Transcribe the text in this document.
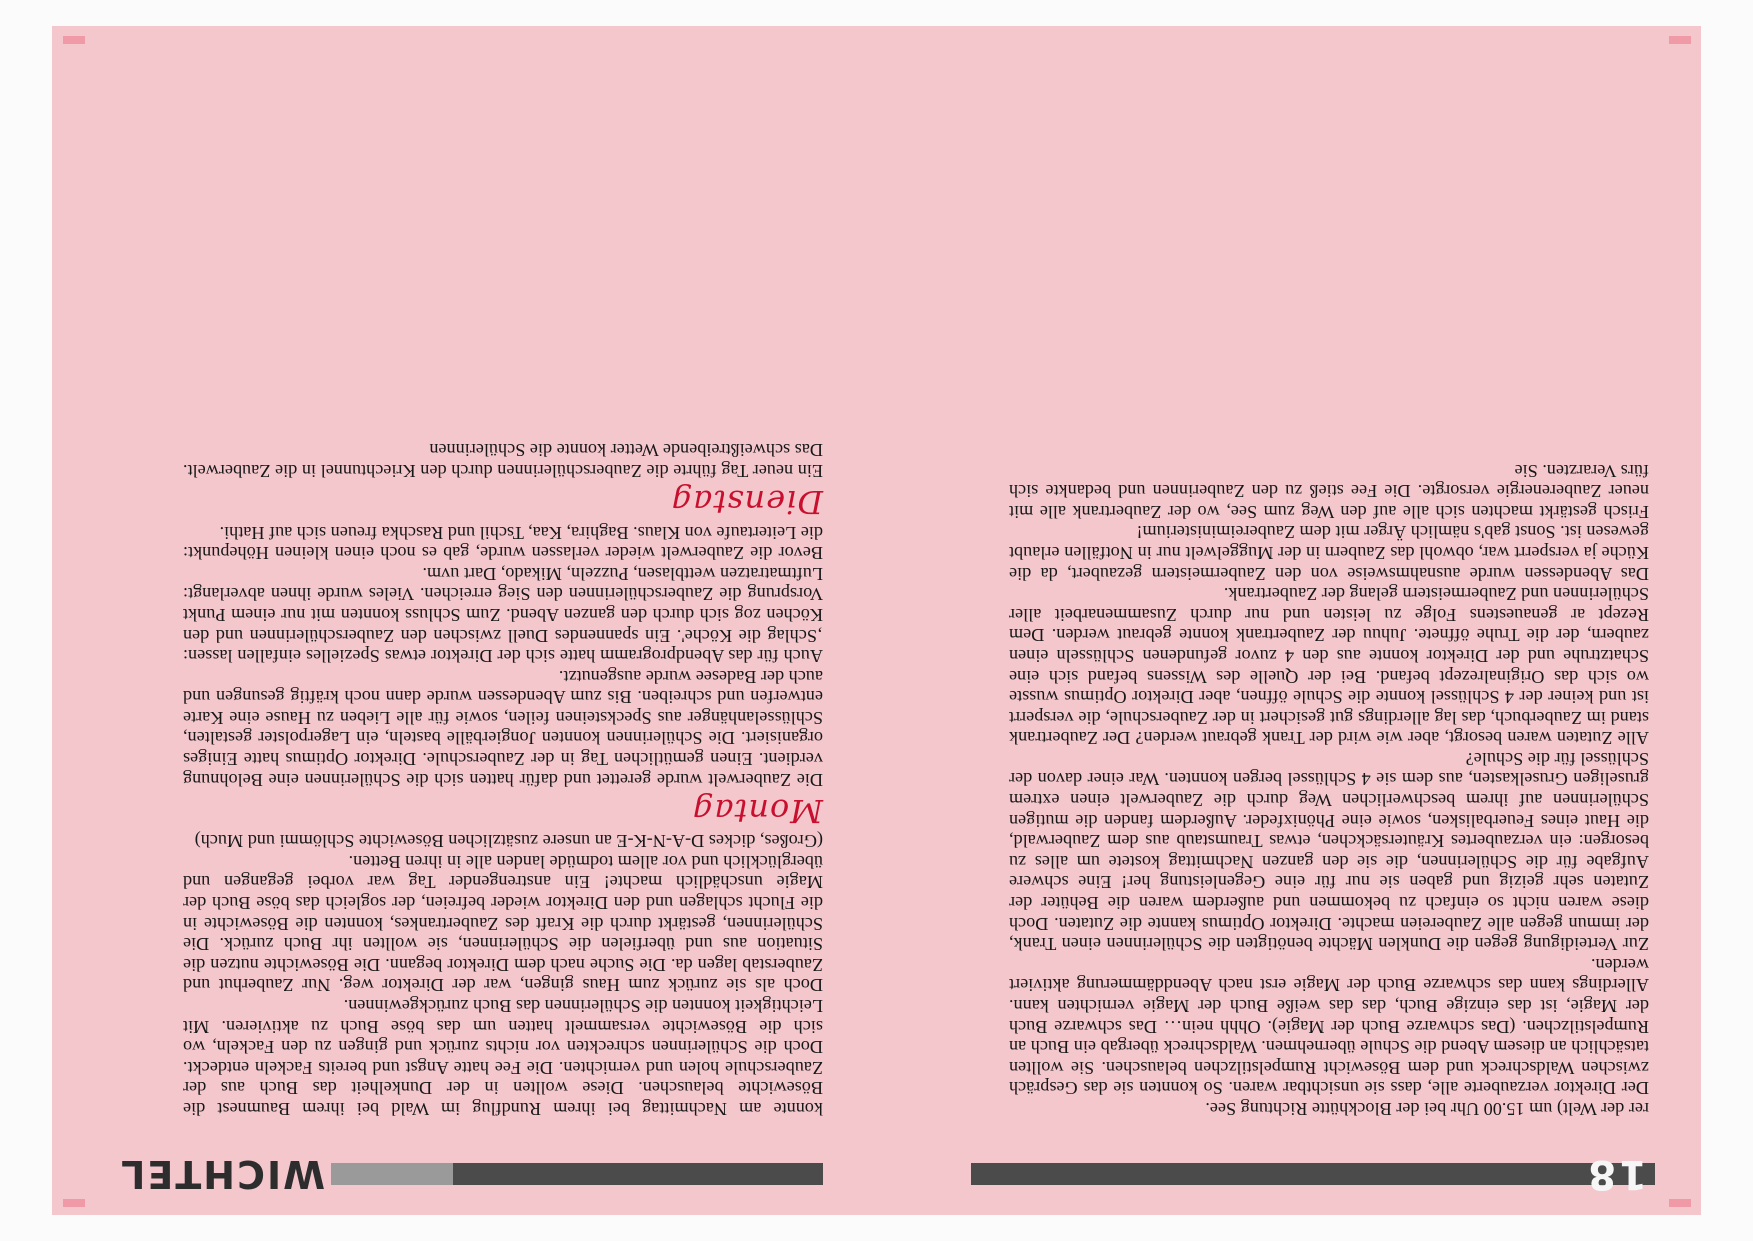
18
WICHTEL

rer der Welt) um 15.00 Uhr bei der Blockhütte Richtung See.

Der Direktor verzauberte alle, dass sie unsichtbar waren. So konnten sie das Gespräch zwischen Waldschreck und dem Bösewicht Rumpelstilzchen belauschen. Sie wollten tatsächlich an diesem Abend die Schule übernehmen. Waldschreck übergab ein Buch an Rumpelstilzchen. (Das schwarze Buch der Magie). Ohhh nein… Das schwarze Buch der Magie, ist das einzige Buch, das das weiße Buch der Magie vernichten kann. Allerdings kann das schwarze Buch der Magie erst nach Abenddämmerung aktiviert werden.

Zur Verteidigung gegen die Dunklen Mächte benötigten die Schülerinnen einen Trank, der immun gegen alle Zaubereien machte. Direktor Optimus kannte die Zutaten. Doch diese waren nicht so einfach zu bekommen und außerdem waren die Behüter der Zutaten sehr geizig und gaben sie nur für eine Gegenleistung her! Eine schwere Aufgabe für die Schülerinnen, die sie den ganzen Nachmittag kostete um alles zu besorgen: ein verzaubertes Kräutersäckchen, etwas Traumstaub aus dem Zauberwald, die Haut eines Feuerbalisken, sowie eine Phönixfeder. Außerdem fanden die mutigen Schülerinnen auf ihrem beschwerlichen Weg durch die Zauberwelt einen extrem gruseligen Gruselkasten, aus dem sie 4 Schlüssel bergen konnten. War einer davon der Schlüssel für die Schule?

Alle Zutaten waren besorgt, aber wie wird der Trank gebraut werden? Der Zaubertrank stand im Zauberbuch, das lag allerdings gut gesichert in der Zauberschule, die versperrt ist und keiner der 4 Schlüssel konnte die Schule öffnen, aber Direktor Optimus wusste wo sich das Originalrezept befand. Bei der Quelle des Wissens befand sich eine Schatztruhe und der Direktor konnte aus den 4 zuvor gefundenen Schlüsseln einen zaubern, der die Truhe öffnete. Juhuu der Zaubertrank konnte gebraut werden. Dem Rezept ar genauestens Folge zu leisten und nur durch Zusammenarbeit aller Schülerinnen und Zaubermeistern gelang der Zaubertrank.

Das Abendessen wurde ausnahmsweise von den Zaubermeistern gezaubert, da die Küche ja versperrt war, obwohl das Zaubern in der Muggelwelt nur in Notfällen erlaubt gewesen ist. Sonst gab's nämlich Ärger mit dem Zaubereiministerium!

Frisch gestärkt machten sich alle auf den Weg zum See, wo der Zaubertrank alle mit neuer Zauberenergie versorgte. Die Fee stieß zu den Zauberinnen und bedankte sich fürs Verarzten. Sie

konnte am Nachmittag bei ihrem Rundflug im Wald bei ihrem Baumnest die Bösewichte belauschen. Diese wollten in der Dunkelheit das Buch aus der Zauberschule holen und vernichten. Die Fee hatte Angst und bereits Fackeln entdeckt. Doch die Schülerinnen schreckten vor nichts zurück und gingen zu den Fackeln, wo sich die Bösewichte versammelt hatten um das böse Buch zu aktivieren. Mit Leichtigkeit konnten die Schülerinnen das Buch zurückgewinnen.

Doch als sie zurück zum Haus gingen, war der Direktor weg. Nur Zauberhut und Zauberstab lagen da. Die Suche nach dem Direktor begann. Die Bösewichte nutzen die Situation aus und überfielen die Schülerinnen, sie wollten ihr Buch zurück. Die Schülerinnen, gestärkt durch die Kraft des Zaubertrankes, konnten die Bösewichte in die Flucht schlagen und den Direktor wieder befreien, der sogleich das böse Buch der Magie unschädlich machte! Ein anstrengender Tag war vorbei gegangen und überglücklich und vor allem todmüde landen alle in ihren Betten.

(Großes, dickes D-A-N-K-E an unsere zusätzlichen Bösewichte Schlömmi und Much)

Montag

Die Zauberwelt wurde gerettet und dafür hatten sich die Schülerinnen eine Belohnung verdient. Einen gemütlichen Tag in der Zauberschule. Direktor Optimus hatte Einiges organisiert. Die Schülerinnen konnten Jongierbälle basteln, ein Lagerpolster gestalten, Schlüsselanhänger aus Specksteinen feilen, sowie für alle Lieben zu Hause eine Karte entwerfen und schreiben. Bis zum Abendessen wurde dann noch kräftig gesungen und auch der Badesee wurde ausgenutzt.

Auch für das Abendprogramm hatte sich der Direktor etwas Spezielles einfallen lassen: ‚Schlag die Köche'. Ein spannendes Duell zwischen den Zauberschülerinnen und den Köchen zog sich durch den ganzen Abend. Zum Schluss konnten mit nur einem Punkt Vorsprung die Zauberschülerinnen den Sieg erreichen. Vieles wurde ihnen abverlangt: Luftmatratzen wettblasen, Puzzeln, Mikado, Dart uvm.

Bevor die Zauberwelt wieder verlassen wurde, gab es noch einen kleinen Höhepunkt: die Leitertaufe von Klaus. Baghira, Kaa, Tschil und Raschka freuen sich auf Hathi.

Dienstag

Ein neuer Tag führte die Zauberschülerinnen durch den Kriechtunnel in die Zauberwelt. Das schweißtreibende Wetter konnte die Schülerinnen
